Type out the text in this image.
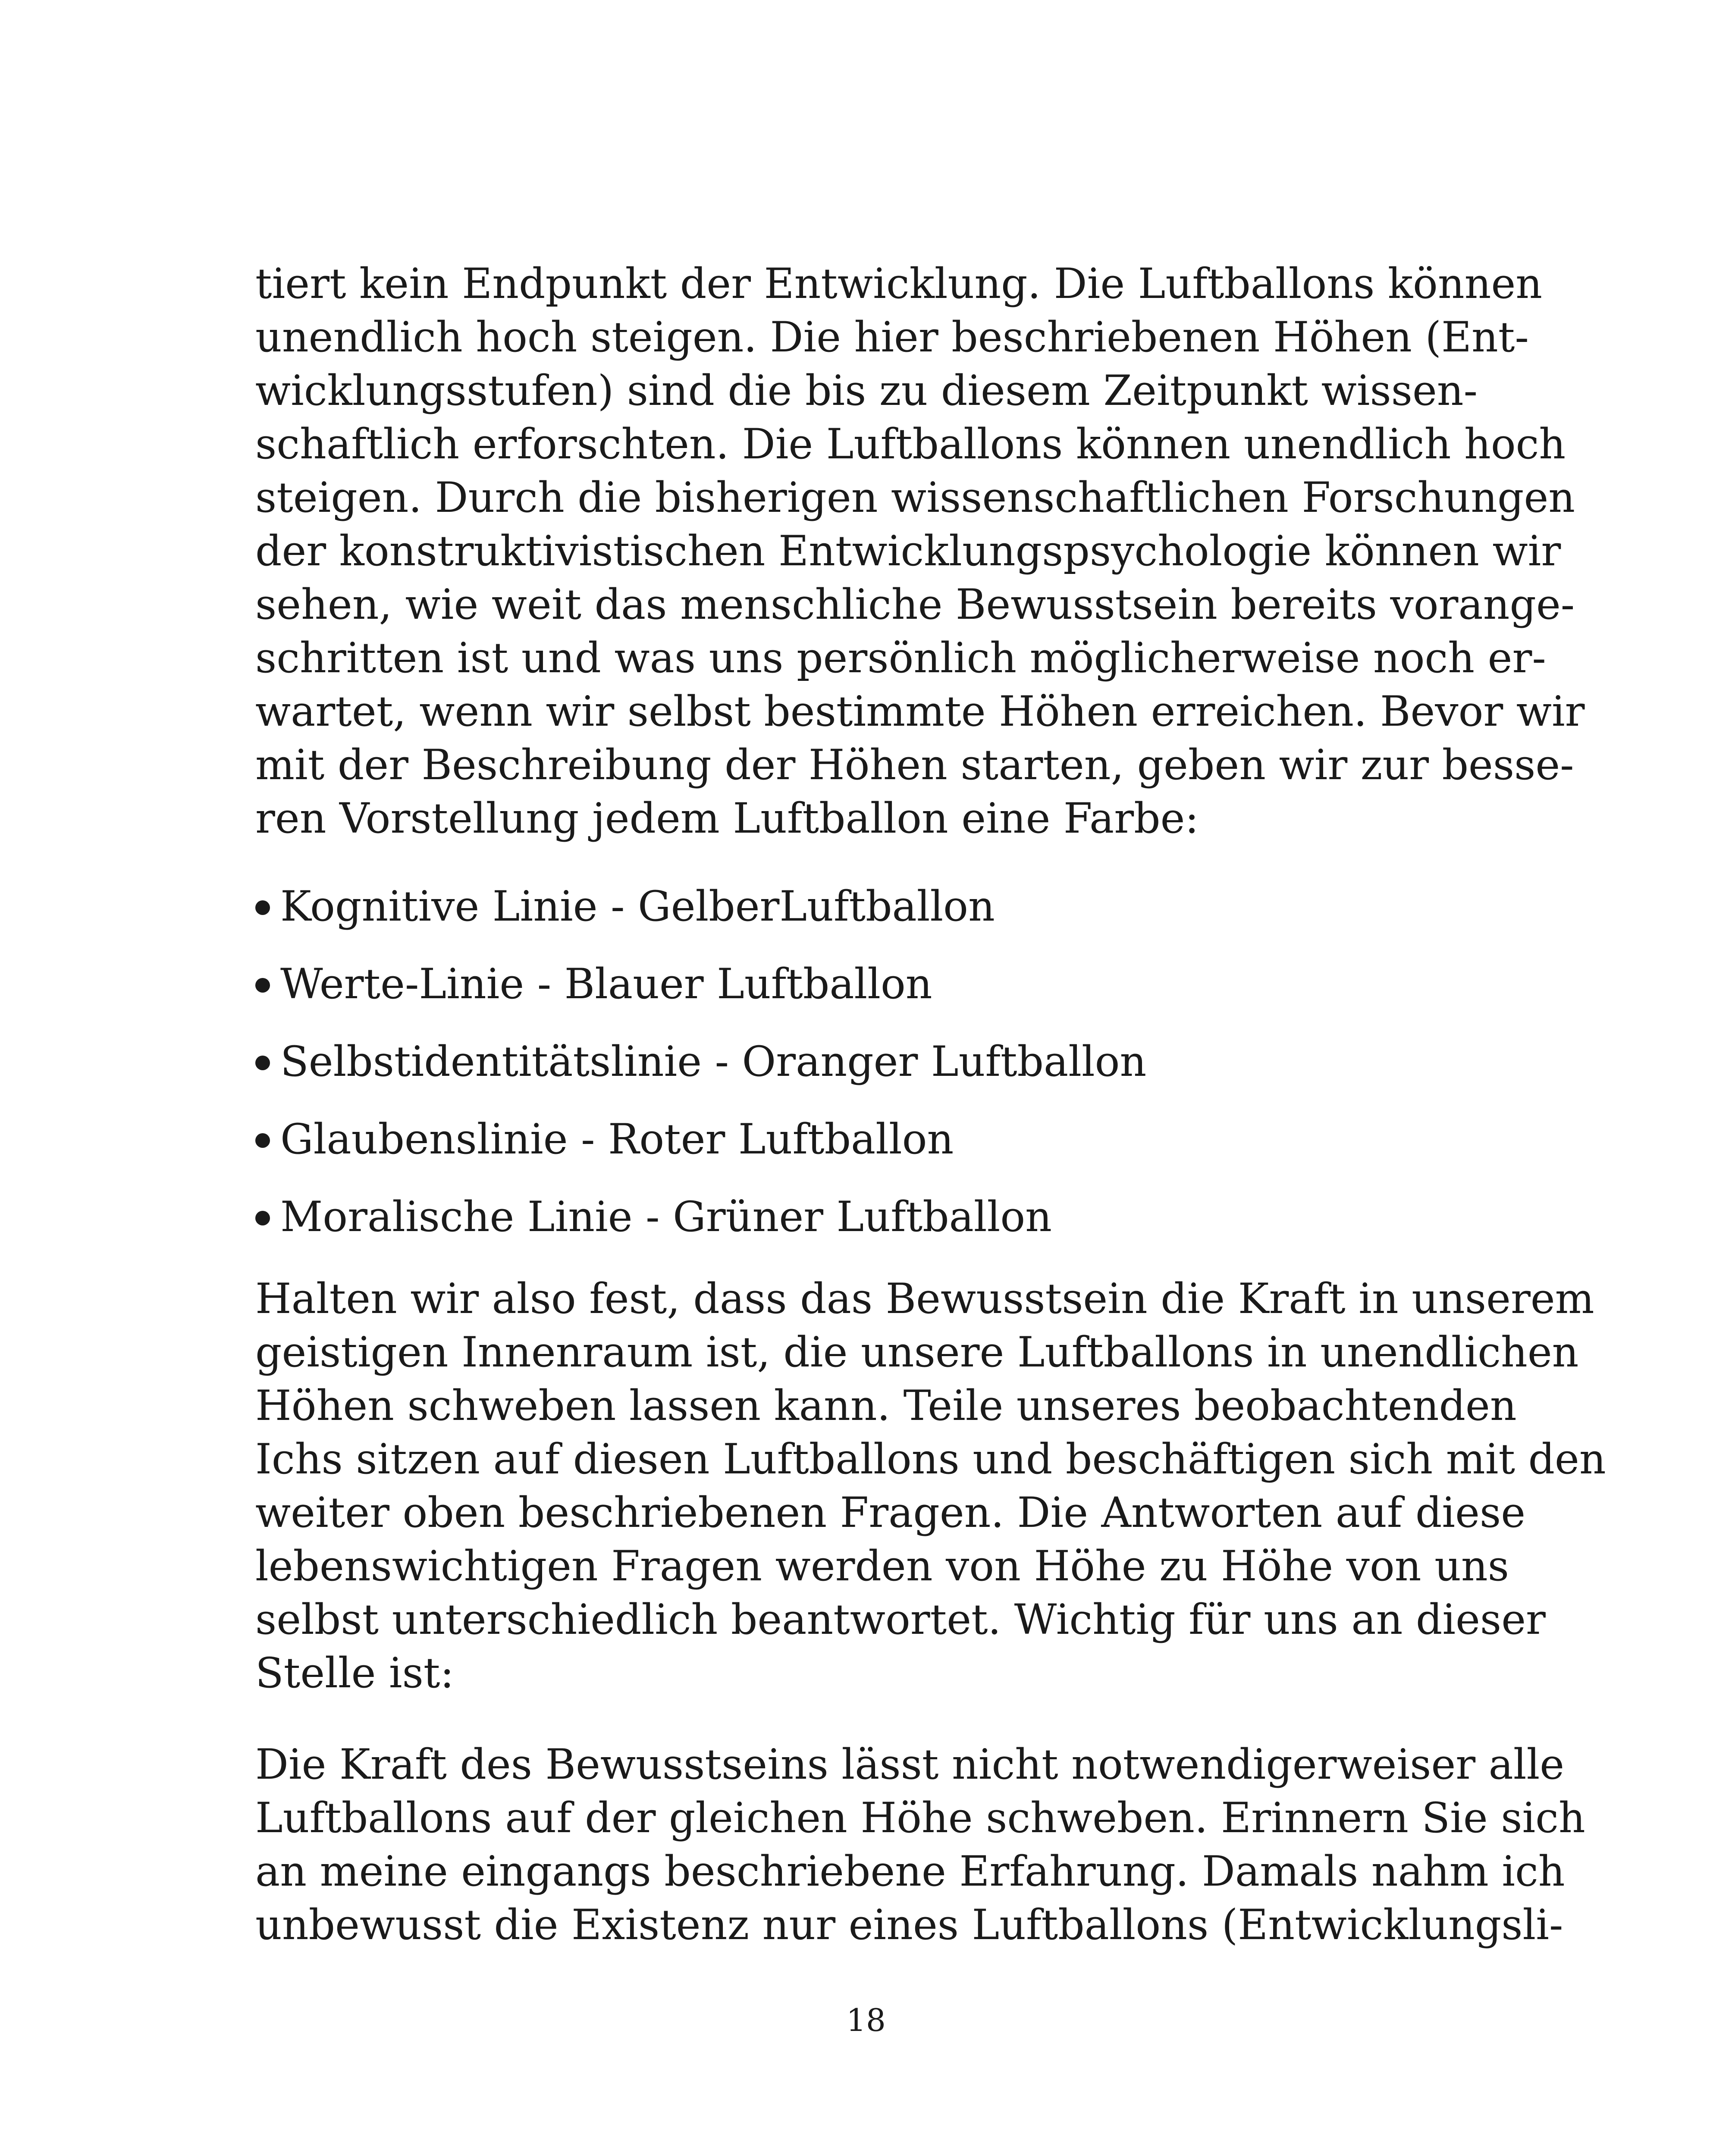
tiert kein Endpunkt der Entwicklung. Die Luftballons können
unendlich hoch steigen. Die hier beschriebenen Höhen (Ent-
wicklungsstufen) sind die bis zu diesem Zeitpunkt wissen-
schaftlich erforschten. Die Luftballons können unendlich hoch
steigen. Durch die bisherigen wissenschaftlichen Forschungen
der konstruktivistischen Entwicklungspsychologie können wir
sehen, wie weit das menschliche Bewusstsein bereits vorange-
schritten ist und was uns persönlich möglicherweise noch er-
wartet, wenn wir selbst bestimmte Höhen erreichen. Bevor wir
mit der Beschreibung der Höhen starten, geben wir zur besse-
ren Vorstellung jedem Luftballon eine Farbe:
Kognitive Linie - GelberLuftballon
Werte-Linie - Blauer Luftballon
Selbstidentitätslinie - Oranger Luftballon
Glaubenslinie - Roter Luftballon
Moralische Linie - Grüner Luftballon
Halten wir also fest, dass das Bewusstsein die Kraft in unserem
geistigen Innenraum ist, die unsere Luftballons in unendlichen
Höhen schweben lassen kann. Teile unseres beobachtenden
Ichs sitzen auf diesen Luftballons und beschäftigen sich mit den
weiter oben beschriebenen Fragen. Die Antworten auf diese
lebenswichtigen Fragen werden von Höhe zu Höhe von uns
selbst unterschiedlich beantwortet. Wichtig für uns an dieser
Stelle ist:
Die Kraft des Bewusstseins lässt nicht notwendigerweiser alle
Luftballons auf der gleichen Höhe schweben. Erinnern Sie sich
an meine eingangs beschriebene Erfahrung. Damals nahm ich
unbewusst die Existenz nur eines Luftballons (Entwicklungsli-
18
